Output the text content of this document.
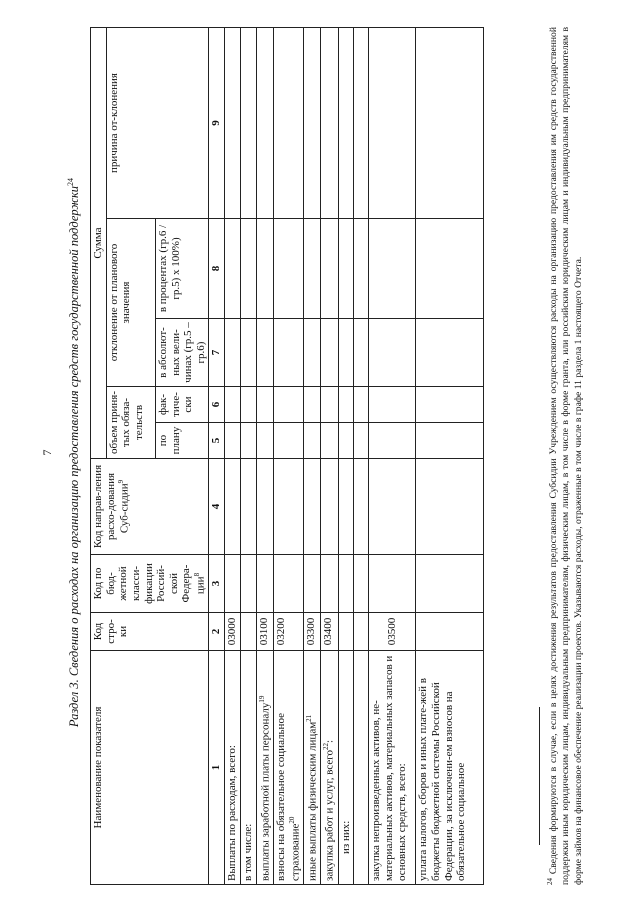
7 Раздел 3. Сведения о расходах на организацию предоставления средств государственной поддержки$^{24}$
Наименование показателя	Код стро-ки	Код по бюд-жетной класси-фикации Россий-ской Федера-ции$^8$	Код направ-ления расхо-дования Суб-сидии$^9$	Сумма				
				объем приня-тых обяза-тельств		отклонение от планового значения		причина от-клонения
				по плану	фак-тиче-ски	в абсолют-ных вели-чинах (гр.5 – гр.6)	в процентах (гр.6 / гр.5) х 100%)	
1	2	3	4	5	6	7	8	9
Выплаты по расходам, всего:	03000							
в том числе:								
выплаты заработной платы персоналу$^{19}$	03100							
взносы на обязательное социальное страхование$^{20}$	03200							
иные выплаты физическим лицам$^{21}$	03300							
закупка работ и услуг, всего$^{22}$:	03400							
из них:								

закупка непроизведенных активов, не-материальных активов, материальных запасов и основных средств, всего:	03500							
уплата налогов, сборов и иных плате-жей в бюджеты бюджетной системы Российской Федерации, за исключени-ем взносов на обязательное социальное								
$^{24}$ Сведения формируются в случае, если в целях достижения результатов предоставления Субсидии Учреждением осуществляются расходы на организацию предоставления им средств государственной поддержки иным юридическим лицам, индивидуальным предпринимателям, физическим лицам, в том числе в форме гранта, или российским юридическим лицам и индивидуальным предпринимателям в форме займов на финансовое обеспечение реализации проектов. Указываются расходы, отраженные в том числе в графе 11 раздела 1 настоящего Отчета.
